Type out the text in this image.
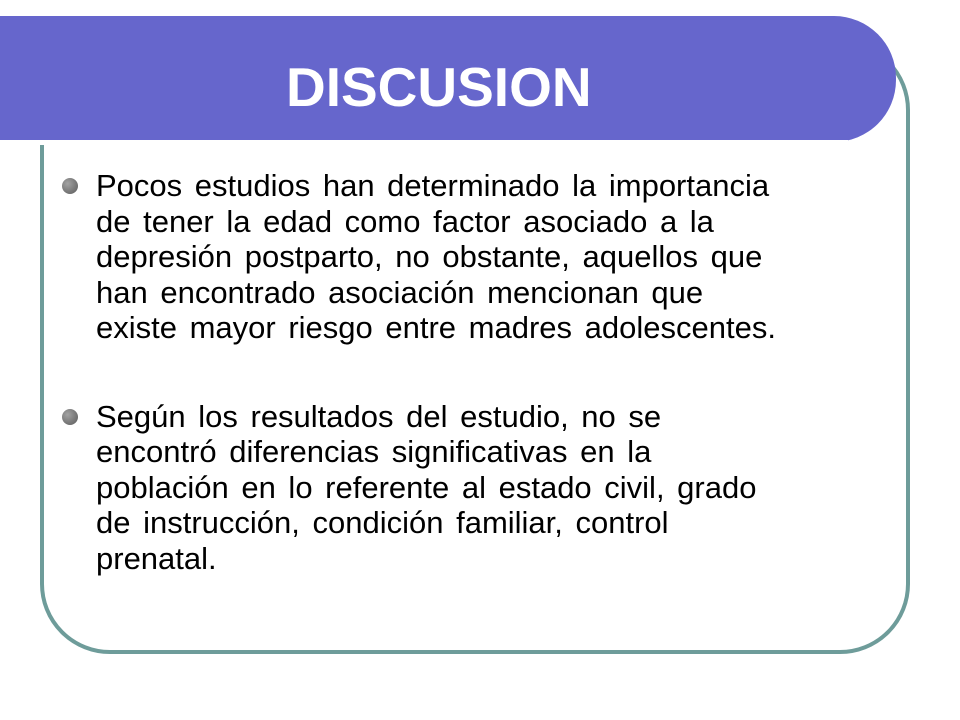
DISCUSION
Pocos estudios han determinado la importancia
de tener la edad como factor asociado a la
depresión postparto, no obstante, aquellos que
han encontrado asociación mencionan que
existe mayor riesgo entre madres adolescentes.
Según los resultados del estudio, no se
encontró diferencias significativas en la
población en lo referente al estado civil, grado
de instrucción, condición familiar, control
prenatal.
